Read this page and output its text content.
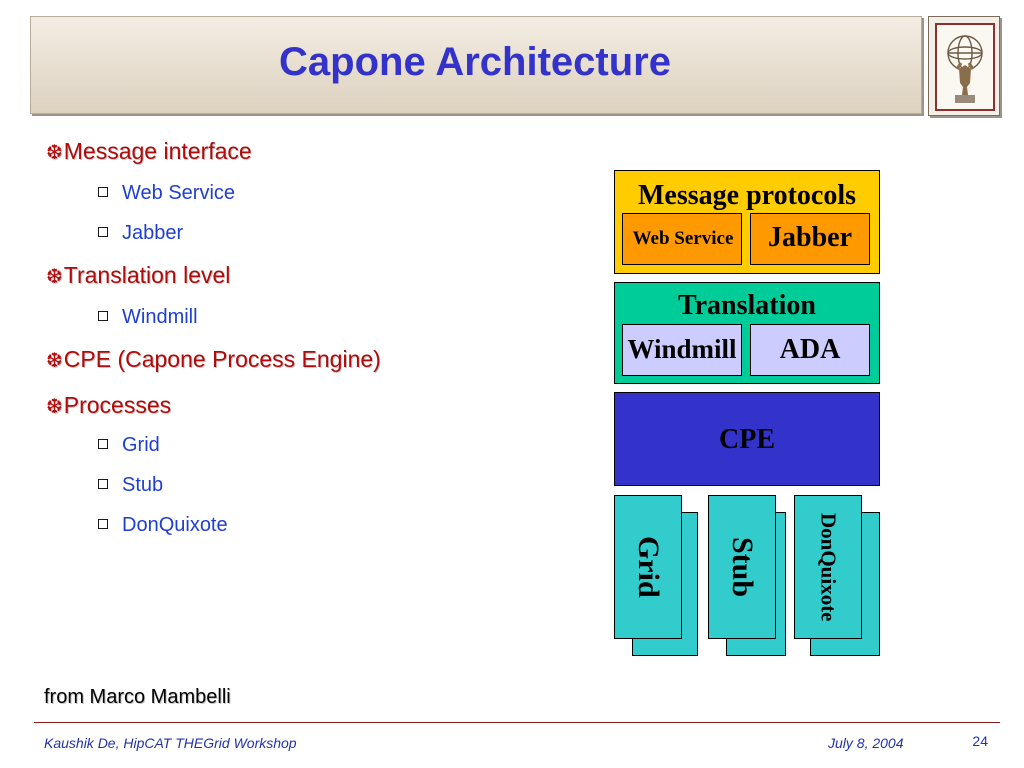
Capone Architecture
❆Message interface
Web Service
Jabber
❆Translation level
Windmill
❆CPE (Capone Process Engine)
❆Processes
Grid
Stub
DonQuixote
Message protocols
Web Service	Jabber
Translation
Windmill	ADA
CPE
Grid	Stub	DonQuixote
from Marco Mambelli
Kaushik De, HipCAT THEGrid Workshop	July 8, 2004	24
